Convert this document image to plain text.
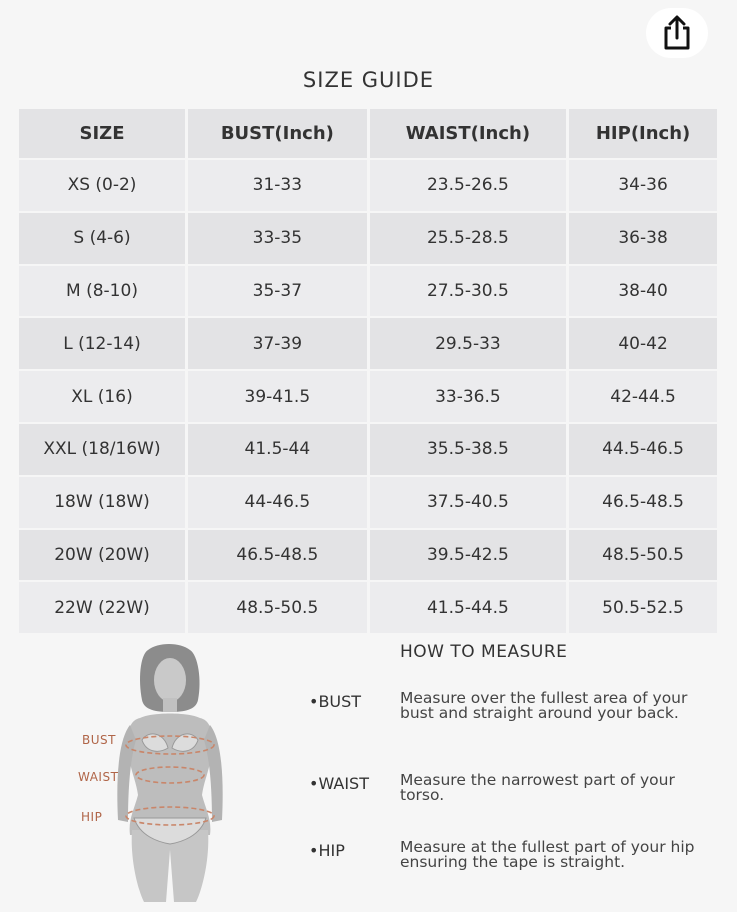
SIZE GUIDE
SIZE	BUST(Inch)	WAIST(Inch)	HIP(Inch)
XS (0-2)	31-33	23.5-26.5	34-36
S (4-6)	33-35	25.5-28.5	36-38
M (8-10)	35-37	27.5-30.5	38-40
L (12-14)	37-39	29.5-33	40-42
XL (16)	39-41.5	33-36.5	42-44.5
XXL (18/16W)	41.5-44	35.5-38.5	44.5-46.5
18W (18W)	44-46.5	37.5-40.5	46.5-48.5
20W (20W)	46.5-48.5	39.5-42.5	48.5-50.5
22W (22W)	48.5-50.5	41.5-44.5	50.5-52.5
BUST
WAIST
HIP
HOW TO MEASURE
•BUST	Measure over the fullest area of your bust and straight around your back.
•WAIST Measure the narrowest part of your torso.
•HIP	Measure at the fullest part of your hip ensuring the tape is straight.
